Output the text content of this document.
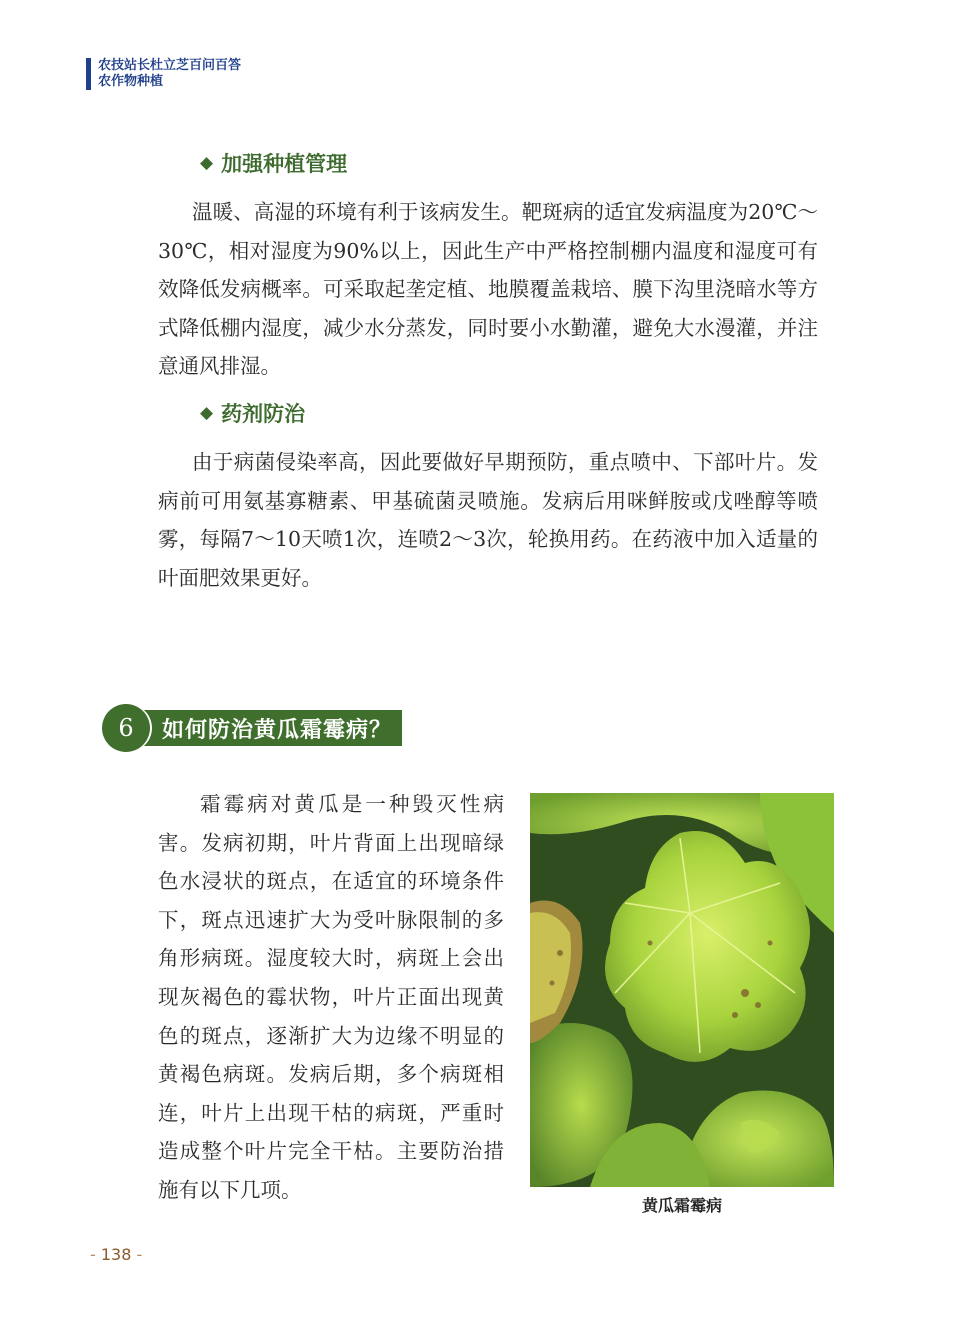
农技站长杜立芝百问百答
农作物种植
◆ 加强种植管理

温暖、高湿的环境有利于该病发生。靶斑病的适宜发病温度为20℃～30℃，相对湿度为90%以上，因此生产中严格控制棚内温度和湿度可有效降低发病概率。可采取起垄定植、地膜覆盖栽培、膜下沟里浇暗水等方式降低棚内湿度，减少水分蒸发，同时要小水勤灌，避免大水漫灌，并注意通风排湿。

◆ 药剂防治

由于病菌侵染率高，因此要做好早期预防，重点喷中、下部叶片。发病前可用氨基寡糖素、甲基硫菌灵喷施。发病后用咪鲜胺或戊唑醇等喷雾，每隔7～10天喷1次，连喷2～3次，轮换用药。在药液中加入适量的叶面肥效果更好。

6	如何防治黄瓜霜霉病？

霜霉病对黄瓜是一种毁灭性病害。发病初期，叶片背面上出现暗绿色水浸状的斑点，在适宜的环境条件下，斑点迅速扩大为受叶脉限制的多角形病斑。湿度较大时，病斑上会出现灰褐色的霉状物，叶片正面出现黄色的斑点，逐渐扩大为边缘不明显的黄褐色病斑。发病后期，多个病斑相连，叶片上出现干枯的病斑，严重时造成整个叶片完全干枯。主要防治措施有以下几项。

黄瓜霜霉病
- 138 -
